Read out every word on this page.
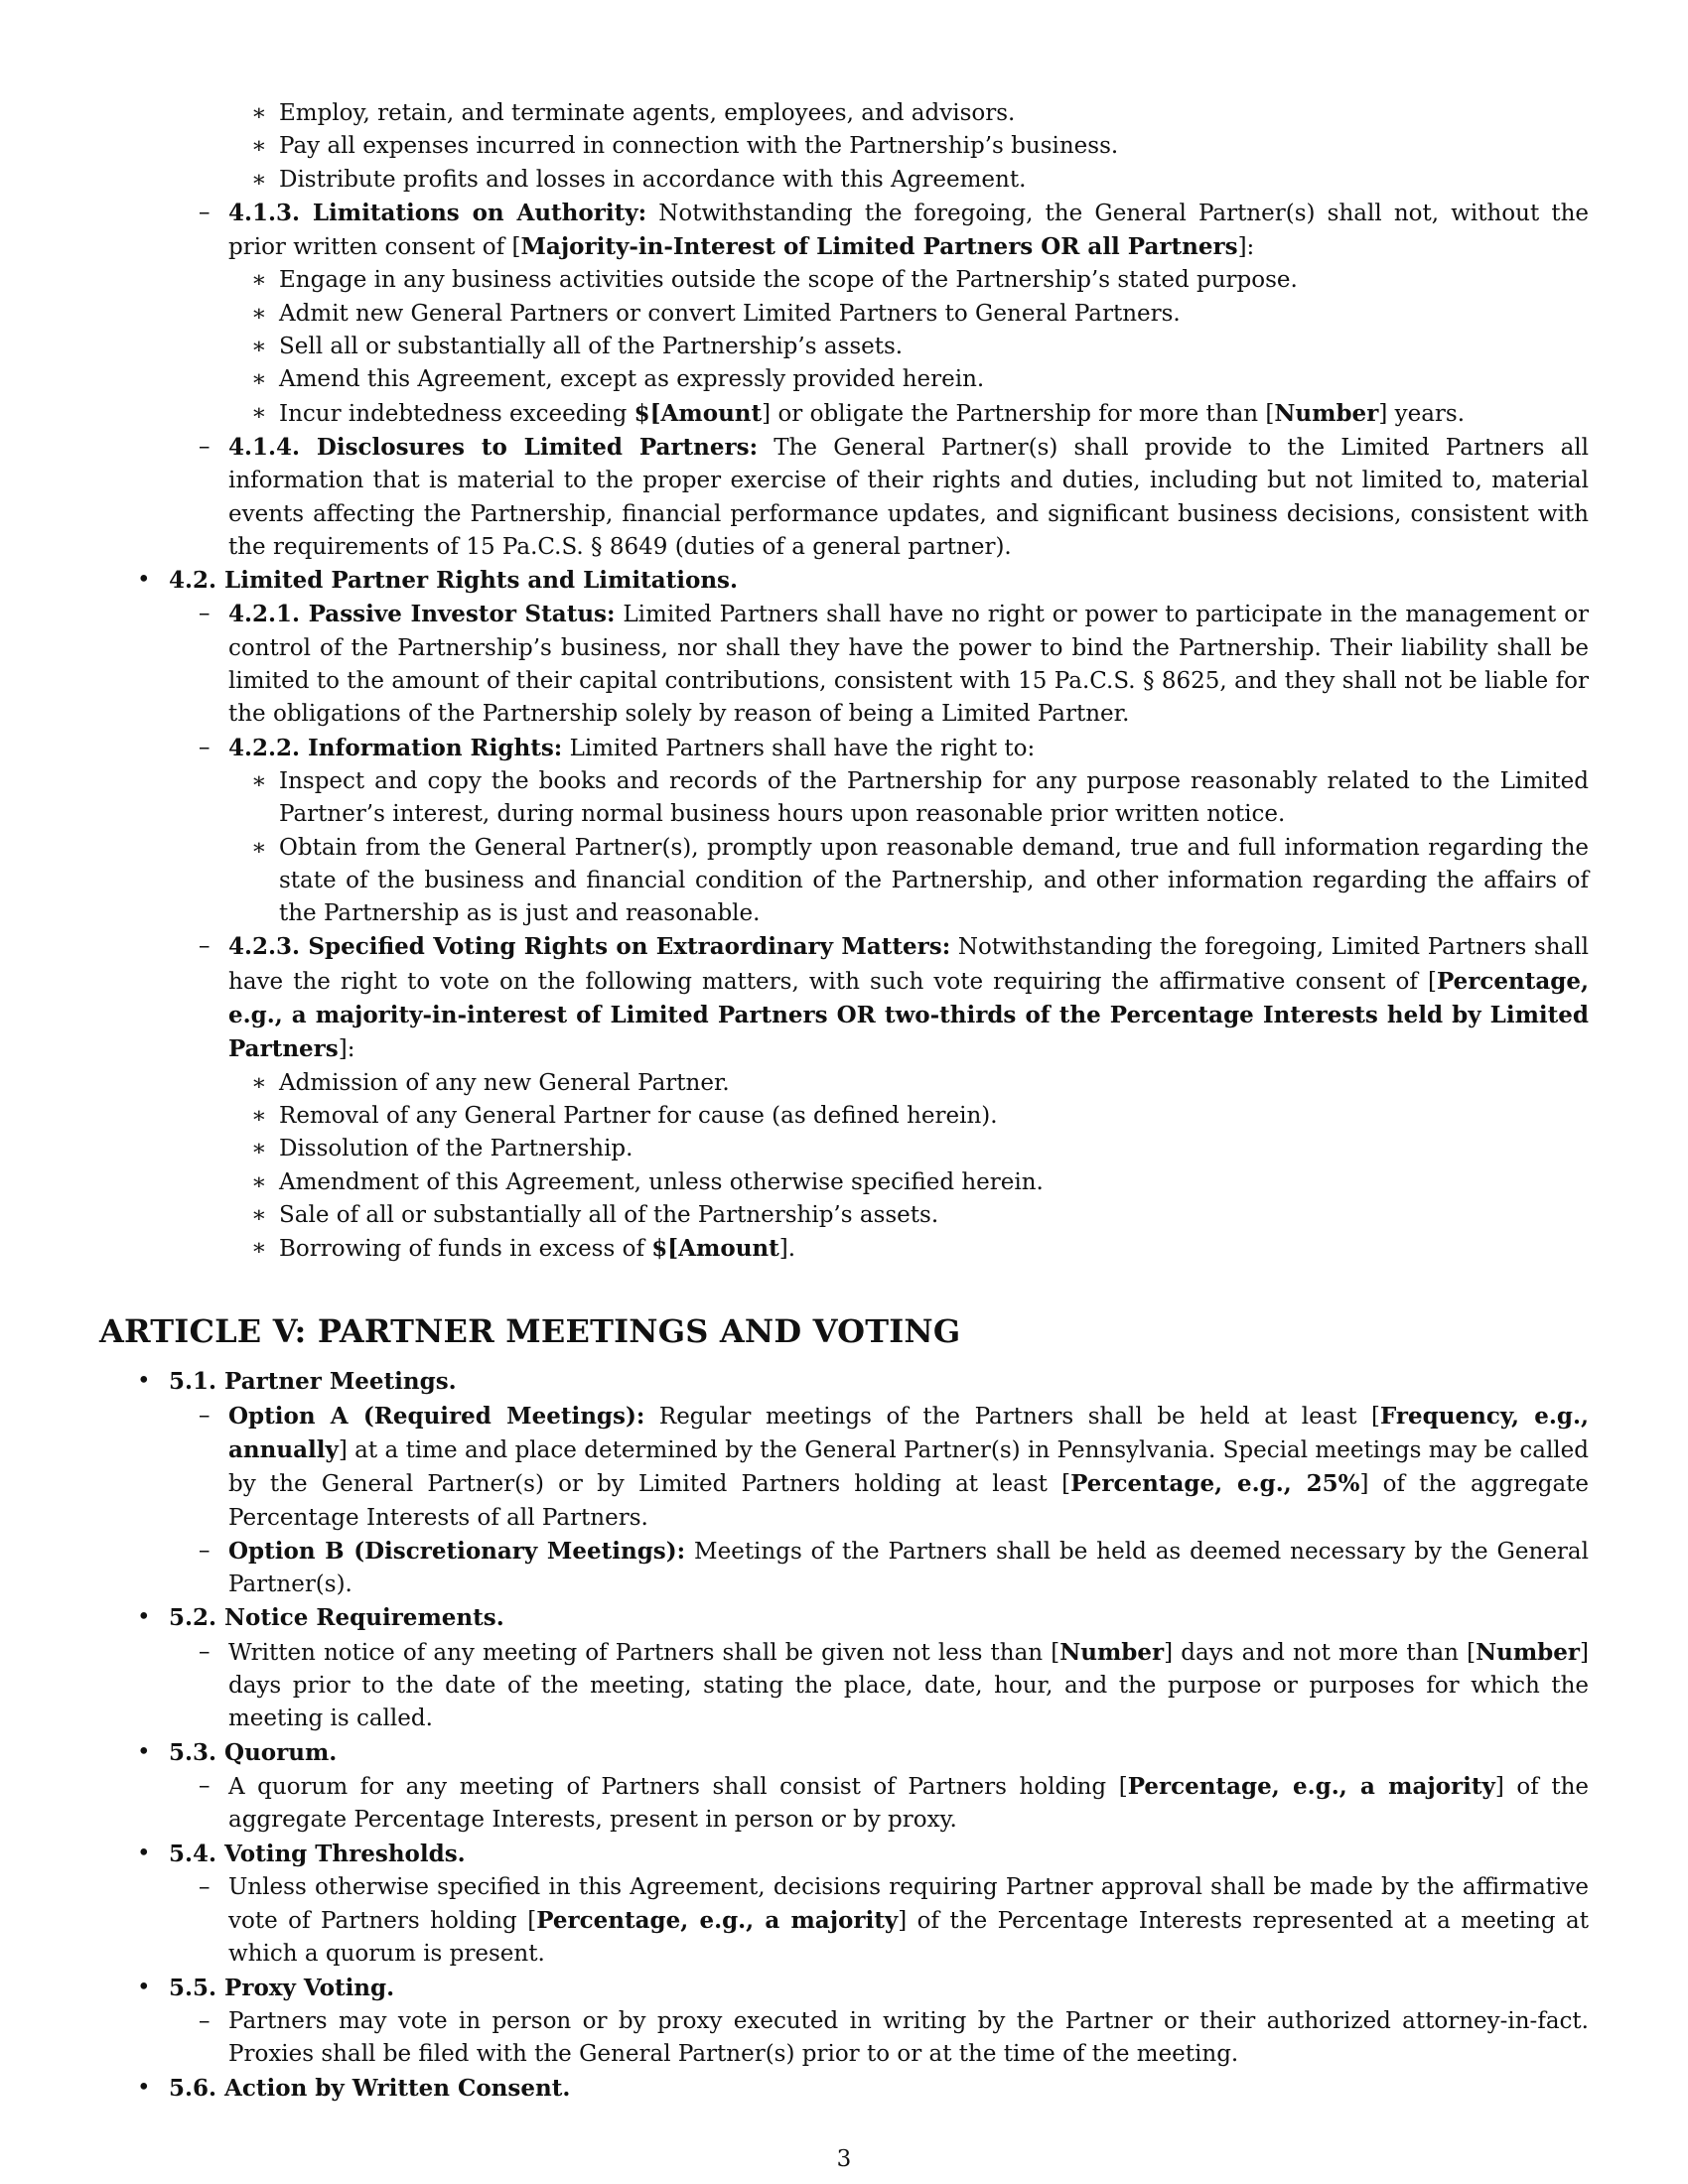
∗ Employ, retain, and terminate agents, employees, and advisors.
∗ Pay all expenses incurred in connection with the Partnership’s business.
∗ Distribute profits and losses in accordance with this Agreement.
– 4.1.3. Limitations on Authority: Notwithstanding the foregoing, the General Partner(s) shall not, without the prior written consent of [Majority-in-Interest of Limited Partners OR all Partners]:
∗ Engage in any business activities outside the scope of the Partnership’s stated purpose.
∗ Admit new General Partners or convert Limited Partners to General Partners.
∗ Sell all or substantially all of the Partnership’s assets.
∗ Amend this Agreement, except as expressly provided herein.
∗ Incur indebtedness exceeding $[Amount] or obligate the Partnership for more than [Number] years.
– 4.1.4. Disclosures to Limited Partners: The General Partner(s) shall provide to the Limited Partners all information that is material to the proper exercise of their rights and duties, including but not limited to, material events affecting the Partnership, financial performance updates, and significant business decisions, consistent with the requirements of 15 Pa.C.S. § 8649 (duties of a general partner).
• 4.2. Limited Partner Rights and Limitations.
– 4.2.1. Passive Investor Status: Limited Partners shall have no right or power to participate in the management or control of the Partnership’s business, nor shall they have the power to bind the Partnership. Their liability shall be limited to the amount of their capital contributions, consistent with 15 Pa.C.S. § 8625, and they shall not be liable for the obligations of the Partnership solely by reason of being a Limited Partner.
– 4.2.2. Information Rights: Limited Partners shall have the right to:
∗ Inspect and copy the books and records of the Partnership for any purpose reasonably related to the Limited Partner’s interest, during normal business hours upon reasonable prior written notice.
∗ Obtain from the General Partner(s), promptly upon reasonable demand, true and full information regarding the state of the business and financial condition of the Partnership, and other information regarding the affairs of the Partnership as is just and reasonable.
– 4.2.3. Specified Voting Rights on Extraordinary Matters: Notwithstanding the foregoing, Limited Partners shall have the right to vote on the following matters, with such vote requiring the affirmative consent of [Percentage, e.g., a majority-in-interest of Limited Partners OR two-thirds of the Percentage Interests held by Limited Partners]:
∗ Admission of any new General Partner.
∗ Removal of any General Partner for cause (as defined herein).
∗ Dissolution of the Partnership.
∗ Amendment of this Agreement, unless otherwise specified herein.
∗ Sale of all or substantially all of the Partnership’s assets.
∗ Borrowing of funds in excess of $[Amount].
ARTICLE V: PARTNER MEETINGS AND VOTING
• 5.1. Partner Meetings.
– Option A (Required Meetings): Regular meetings of the Partners shall be held at least [Frequency, e.g., annually] at a time and place determined by the General Partner(s) in Pennsylvania. Special meetings may be called by the General Partner(s) or by Limited Partners holding at least [Percentage, e.g., 25%] of the aggregate Percentage Interests of all Partners.
– Option B (Discretionary Meetings): Meetings of the Partners shall be held as deemed necessary by the General Partner(s).
• 5.2. Notice Requirements.
– Written notice of any meeting of Partners shall be given not less than [Number] days and not more than [Number] days prior to the date of the meeting, stating the place, date, hour, and the purpose or purposes for which the meeting is called.
• 5.3. Quorum.
– A quorum for any meeting of Partners shall consist of Partners holding [Percentage, e.g., a majority] of the aggregate Percentage Interests, present in person or by proxy.
• 5.4. Voting Thresholds.
– Unless otherwise specified in this Agreement, decisions requiring Partner approval shall be made by the affirmative vote of Partners holding [Percentage, e.g., a majority] of the Percentage Interests represented at a meeting at which a quorum is present.
• 5.5. Proxy Voting.
– Partners may vote in person or by proxy executed in writing by the Partner or their authorized attorney-in-fact. Proxies shall be filed with the General Partner(s) prior to or at the time of the meeting.
• 5.6. Action by Written Consent.
3
